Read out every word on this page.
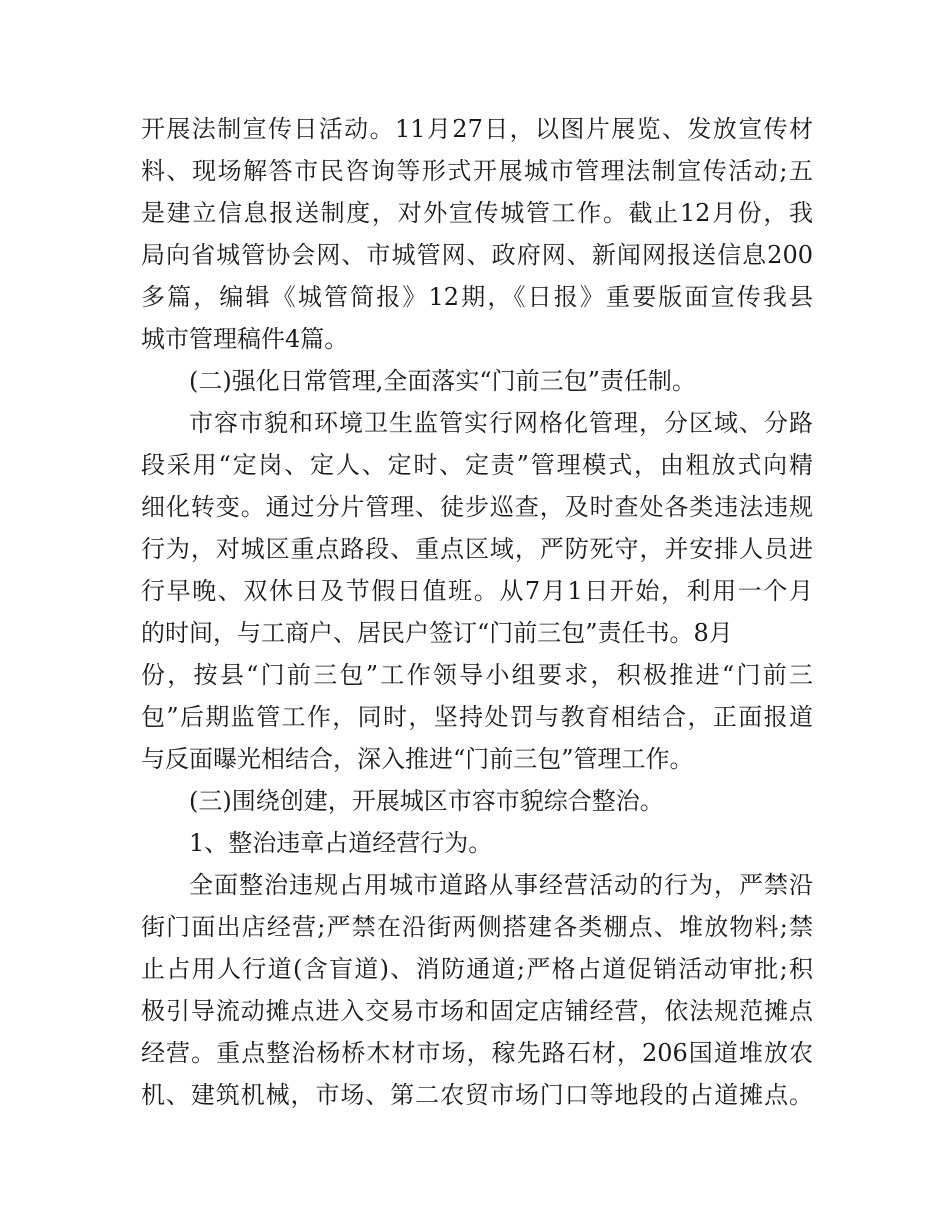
开展法制宣传日活动。11月27日，以图片展览、发放宣传材
料、现场解答市民咨询等形式开展城市管理法制宣传活动;五
是建立信息报送制度，对外宣传城管工作。截止12月份，我
局向省城管协会网、市城管网、政府网、新闻网报送信息200
多篇，编辑《城管简报》12期，《日报》重要版面宣传我县
城市管理稿件4篇。
(二)强化日常管理,全面落实“门前三包”责任制。
市容市貌和环境卫生监管实行网格化管理，分区域、分路
段采用“定岗、定人、定时、定责”管理模式，由粗放式向精
细化转变。通过分片管理、徒步巡查，及时查处各类违法违规
行为，对城区重点路段、重点区域，严防死守，并安排人员进
行早晚、双休日及节假日值班。从7月1日开始，利用一个月
的时间，与工商户、居民户签订“门前三包”责任书。8月
份，按县“门前三包”工作领导小组要求，积极推进“门前三
包”后期监管工作，同时，坚持处罚与教育相结合，正面报道
与反面曝光相结合，深入推进“门前三包”管理工作。
(三)围绕创建，开展城区市容市貌综合整治。
1、整治违章占道经营行为。
全面整治违规占用城市道路从事经营活动的行为，严禁沿
街门面出店经营;严禁在沿街两侧搭建各类棚点、堆放物料;禁
止占用人行道(含盲道)、消防通道;严格占道促销活动审批;积
极引导流动摊点进入交易市场和固定店铺经营，依法规范摊点
经营。重点整治杨桥木材市场，稼先路石材，206国道堆放农
机、建筑机械，市场、第二农贸市场门口等地段的占道摊点。
